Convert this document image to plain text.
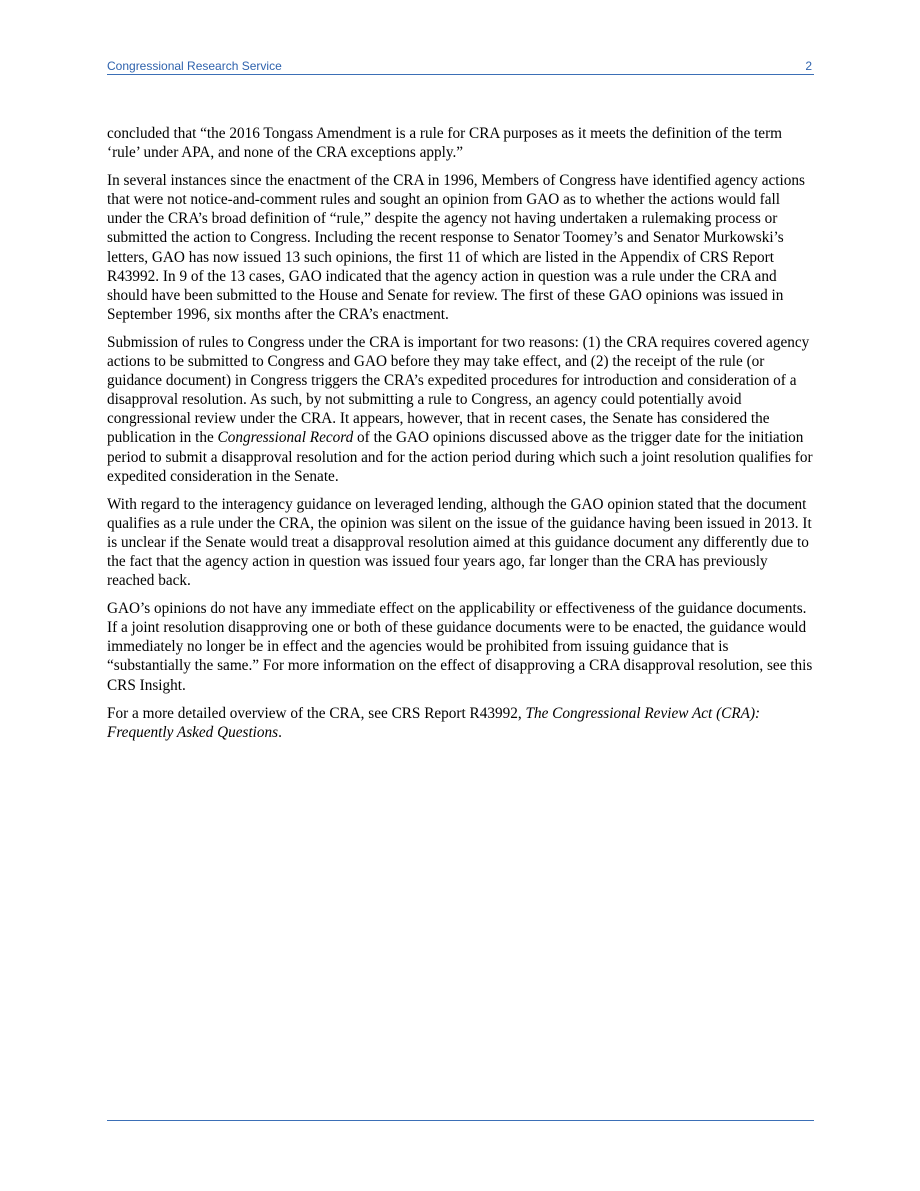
Congressional Research Service	2

concluded that “the 2016 Tongass Amendment is a rule for CRA purposes as it meets the definition of the term ‘rule’ under APA, and none of the CRA exceptions apply.”

In several instances since the enactment of the CRA in 1996, Members of Congress have identified agency actions that were not notice-and-comment rules and sought an opinion from GAO as to whether the actions would fall under the CRA’s broad definition of “rule,” despite the agency not having undertaken a rulemaking process or submitted the action to Congress. Including the recent response to Senator Toomey’s and Senator Murkowski’s letters, GAO has now issued 13 such opinions, the first 11 of which are listed in the Appendix of CRS Report R43992. In 9 of the 13 cases, GAO indicated that the agency action in question was a rule under the CRA and should have been submitted to the House and Senate for review. The first of these GAO opinions was issued in September 1996, six months after the CRA’s enactment.

Submission of rules to Congress under the CRA is important for two reasons: (1) the CRA requires covered agency actions to be submitted to Congress and GAO before they may take effect, and (2) the receipt of the rule (or guidance document) in Congress triggers the CRA’s expedited procedures for introduction and consideration of a disapproval resolution. As such, by not submitting a rule to Congress, an agency could potentially avoid congressional review under the CRA. It appears, however, that in recent cases, the Senate has considered the publication in the Congressional Record of the GAO opinions discussed above as the trigger date for the initiation period to submit a disapproval resolution and for the action period during which such a joint resolution qualifies for expedited consideration in the Senate.

With regard to the interagency guidance on leveraged lending, although the GAO opinion stated that the document qualifies as a rule under the CRA, the opinion was silent on the issue of the guidance having been issued in 2013. It is unclear if the Senate would treat a disapproval resolution aimed at this guidance document any differently due to the fact that the agency action in question was issued four years ago, far longer than the CRA has previously reached back.

GAO’s opinions do not have any immediate effect on the applicability or effectiveness of the guidance documents. If a joint resolution disapproving one or both of these guidance documents were to be enacted, the guidance would immediately no longer be in effect and the agencies would be prohibited from issuing guidance that is “substantially the same.” For more information on the effect of disapproving a CRA disapproval resolution, see this CRS Insight.

For a more detailed overview of the CRA, see CRS Report R43992, The Congressional Review Act (CRA): Frequently Asked Questions.
